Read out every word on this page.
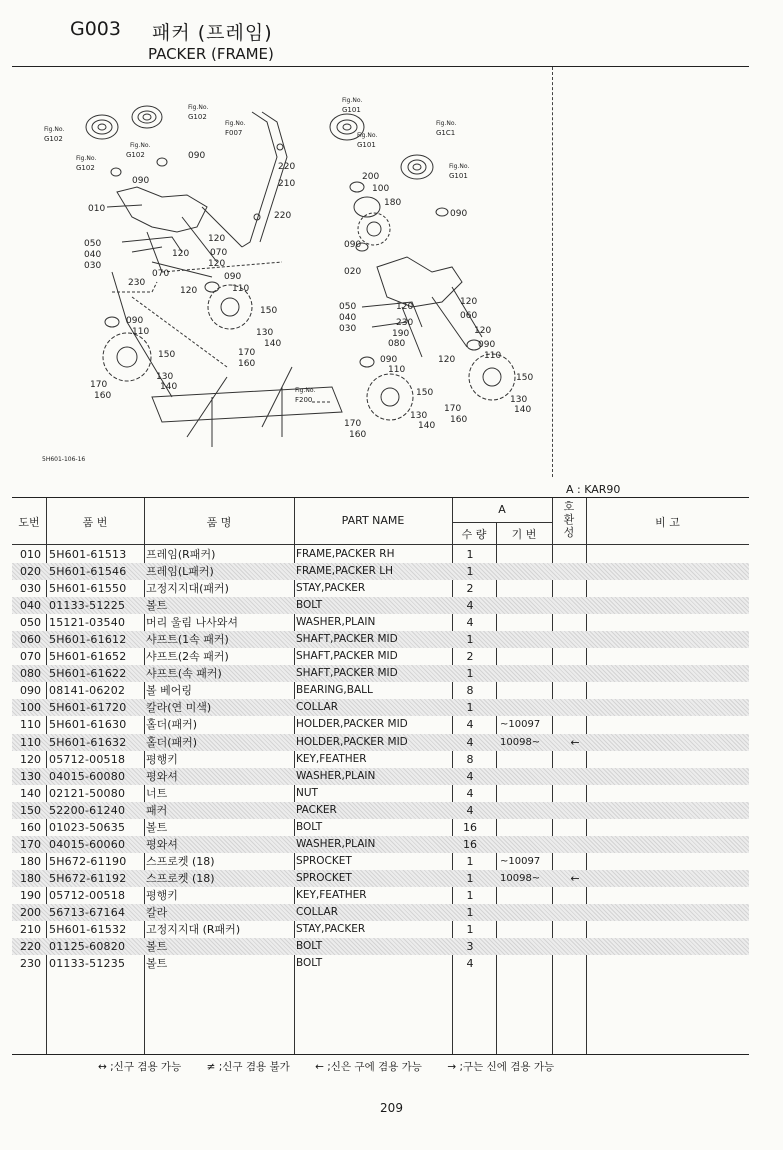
G003 패커 (프레임)
PACKER (FRAME)
Fig.No.
G102
Fig.No.
G102
Fig.No.
G102
Fig.No.
G102
090
090
010
120
070
120
050
040
030	120
070
230
090
120	110
090
110
150
130
140
170
160
150
130
140
170
160
Fig.No.
F007
220
210
220
Fig.No.
G101
Fig.No.
G101
200
100
180
090
020
Fig.No.
G1C1
Fig.No.
G101
090
050
040
030
120
230
190
080
120
060
120
090
110
090
110
120
150
150
130
140
170
160
130
140
170
160
Fig.No.
F200
5H601-106-16
A : KAR90
도번	품 번	품 명	PART NAME
A
수 량	기 번
호
환
성
비 고
010 5H601-61513 프레임(R패커)	FRAME,PACKER RH	1
020 5H601-61546 프레임(L패커)	FRAME,PACKER LH	1
030 5H601-61550 고정지지대(패커)	STAY,PACKER	2
040 01133-51225 볼트	BOLT	4
050 15121-03540 머리 울림 나사와셔	WASHER,PLAIN	4
060 5H601-61612 샤프트(1속 패커)	SHAFT,PACKER MID	1
070 5H601-61652 샤프트(2속 패커)	SHAFT,PACKER MID	2
080 5H601-61622 샤프트(속 패커)	SHAFT,PACKER MID	1
090 08141-06202 볼 베어링	BEARING,BALL	8
100 5H601-61720 칼라(연 미색)	COLLAR	1
110 5H601-61630 홀더(패커)	HOLDER,PACKER MID	4	~10097
110 5H601-61632 홀더(패커)	HOLDER,PACKER MID	4	10098~	←
120 05712-00518 평행키	KEY,FEATHER	8
130 04015-60080 평와셔	WASHER,PLAIN	4
140 02121-50080 너트	NUT	4
150 52200-61240 패커	PACKER	4
160 01023-50635 볼트	BOLT	16
170 04015-60060 평와셔	WASHER,PLAIN	16
180 5H672-61190 스프로켓 (18)	SPROCKET	1	~10097
180 5H672-61192 스프로켓 (18)	SPROCKET	1	10098~	←
190 05712-00518 평행키	KEY,FEATHER	1
200 56713-67164 칼라	COLLAR	1
210 5H601-61532 고정지지대 (R패커)	STAY,PACKER	1
220 01125-60820 볼트	BOLT	3
230 01133-51235 볼트	BOLT	4
↔ ;신구 겸용 가능 ≠ ;신구 겸용 불가 ← ;신은 구에 겸용 가능 → ;구는 신에 겸용 가능
209
